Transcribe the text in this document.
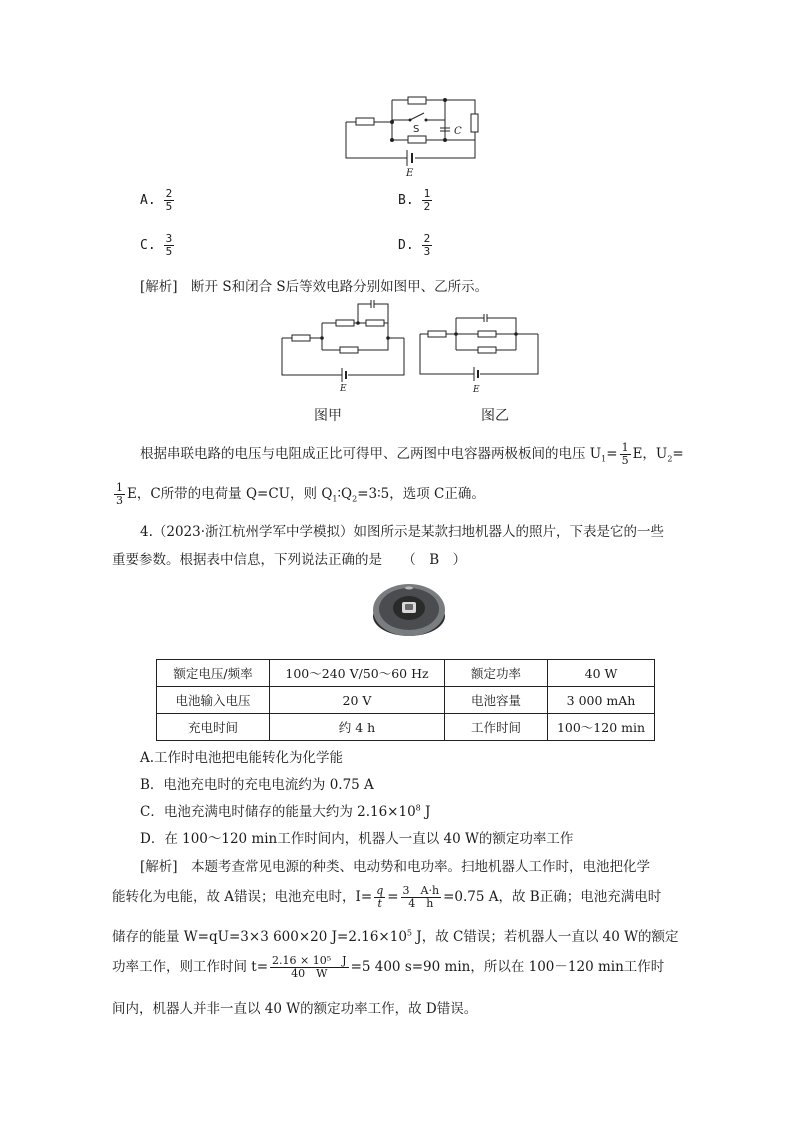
S	C
E
A. $\frac{2}{5}$	B. $\frac{1}{2}$
C. $\frac{3}{5}$	D. $\frac{2}{3}$
[解析]　 断开 S和闭合 S后等效电路分别如图甲、乙所示。
E	E
图甲	图乙
根据串联电路的电压与电阻成正比可得甲、乙两图中电容器两极板间的电压 $U_1= \frac{1}{5}$ E，$U_2=$
$\frac{1}{3}$ E，C所带的电荷量 Q=CU，则 $Q_1∶Q_2=3∶5$，选项 C正确。
4.（2023·浙江杭州学军中学模拟）如图所示是某款扫地机器人的照片，下表是它的一些
重要参数。根据表中信息，下列说法正确的是　　（　B　）
额定电压/频率	100～240 V/50～60 Hz	额定功率	40 W
电池输入电压	20 V	电池容量	3 000 mAh
充电时间	约 4 h	工作时间	100～120 min
A.工作时电池把电能转化为化学能
B．电池充电时的充电电流约为 0.75 A
C．电池充满电时储存的能量大约为 $2.16\times 10^8$ J
D．在 100～120 min工作时间内，机器人一直以 40 W的额定功率工作
[解析]　本题考查常见电源的种类、电动势和电功率。扫地机器人工作时，电池把化学
能转化为电能，故 A错误；电池充电时，$I= \frac{q}{t} = \frac{3 A\cdot h}{4 h} =0.75$ A，故 B正确；电池充满电时
储存的能量 W=qU=3×3 600×20 $J=2.16\times 10^5$ J，故 C错误；若机器人一直以 40 W的额定
功率工作，则工作时间 $t= \frac{\text{2.16 × 10⁵　J}}{40 W} =5$ 400 s=90 min，所以在 100－120 min工作时
间内，机器人并非一直以 40 W的额定功率工作，故 D错误。
